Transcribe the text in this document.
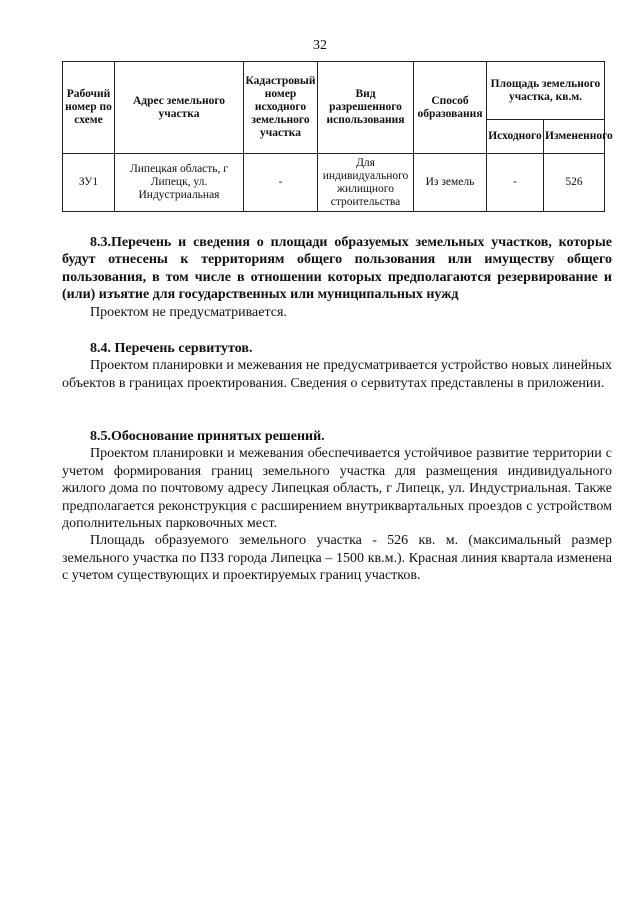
32
Рабочий номер по схеме	Адрес земельного участка	Кадастровый номер исходного земельного участка	Вид разрешенного использования	Способ образования	Площадь земельного участка, кв.м.	
					Исходного	Измененного
ЗУ1	Липецкая область, г Липецк, ул. Индустриальная	-	Для индивидуального жилищного строительства	Из земель	-	526

8.3.Перечень и сведения о площади образуемых земельных участков, которые будут отнесены к территориям общего пользования или имуществу общего пользования, в том числе в отношении которых предполагаются резервирование и (или) изъятие для государственных или муниципальных нужд

Проектом не предусматривается.

8.4. Перечень сервитутов.

Проектом планировки и межевания не предусматривается устройство новых линейных объектов в границах проектирования. Сведения о сервитутах представлены в приложении.

8.5.Обоснование принятых решений.

Проектом планировки и межевания обеспечивается устойчивое развитие территории с учетом формирования границ земельного участка для размещения индивидуального жилого дома по почтовому адресу Липецкая область, г Липецк, ул. Индустриальная. Также предполагается реконструкция с расширением внутриквартальных проездов с устройством дополнительных парковочных мест.

Площадь образуемого земельного участка - 526 кв. м. (максимальный размер земельного участка по ПЗЗ города Липецка – 1500 кв.м.). Красная линия квартала изменена с учетом существующих и проектируемых границ участков.
